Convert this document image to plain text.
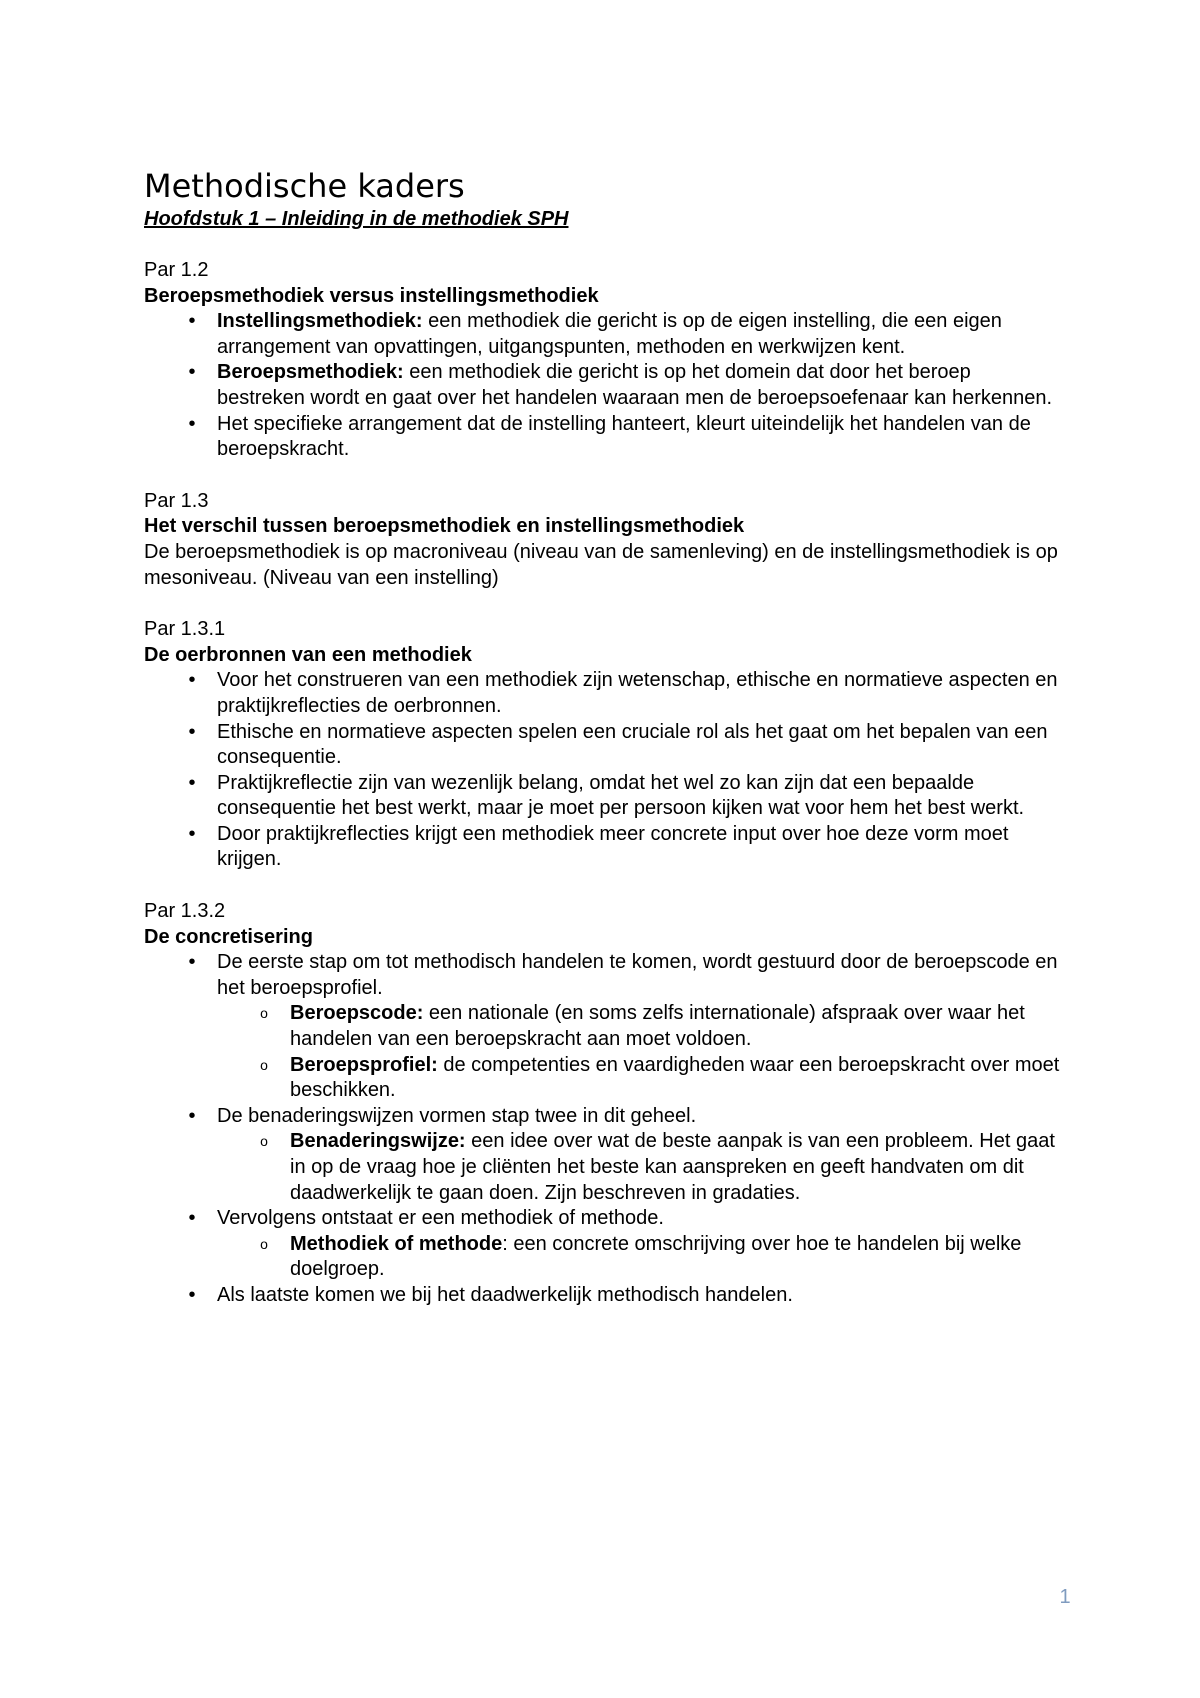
Methodische kaders

Hoofdstuk 1 – Inleiding in de methodiek SPH

Par 1.2

Beroepsmethodiek versus instellingsmethodiek

•	Instellingsmethodiek: een methodiek die gericht is op de eigen instelling, die een eigen arrangement van opvattingen, uitgangspunten, methoden en werkwijzen kent.
•	Beroepsmethodiek: een methodiek die gericht is op het domein dat door het beroep bestreken wordt en gaat over het handelen waaraan men de beroepsoefenaar kan herkennen.
•	Het specifieke arrangement dat de instelling hanteert, kleurt uiteindelijk het handelen van de beroepskracht.

Par 1.3

Het verschil tussen beroepsmethodiek en instellingsmethodiek

De beroepsmethodiek is op macroniveau (niveau van de samenleving) en de instellingsmethodiek is op mesoniveau. (Niveau van een instelling)

Par 1.3.1

De oerbronnen van een methodiek

•	Voor het construeren van een methodiek zijn wetenschap, ethische en normatieve aspecten en praktijkreflecties de oerbronnen.
•	Ethische en normatieve aspecten spelen een cruciale rol als het gaat om het bepalen van een consequentie.
•	Praktijkreflectie zijn van wezenlijk belang, omdat het wel zo kan zijn dat een bepaalde consequentie het best werkt, maar je moet per persoon kijken wat voor hem het best werkt.
•	Door praktijkreflecties krijgt een methodiek meer concrete input over hoe deze vorm moet krijgen.

Par 1.3.2

De concretisering

•	De eerste stap om tot methodisch handelen te komen, wordt gestuurd door de beroepscode en het beroepsprofiel.
o Beroepscode: een nationale (en soms zelfs internationale) afspraak over waar het handelen van een beroepskracht aan moet voldoen.
o Beroepsprofiel: de competenties en vaardigheden waar een beroepskracht over moet beschikken.
•	De benaderingswijzen vormen stap twee in dit geheel.
o Benaderingswijze: een idee over wat de beste aanpak is van een probleem. Het gaat in op de vraag hoe je cliënten het beste kan aanspreken en geeft handvaten om dit daadwerkelijk te gaan doen. Zijn beschreven in gradaties.
•	Vervolgens ontstaat er een methodiek of methode.
o Methodiek of methode: een concrete omschrijving over hoe te handelen bij welke doelgroep.
•	Als laatste komen we bij het daadwerkelijk methodisch handelen.
1
